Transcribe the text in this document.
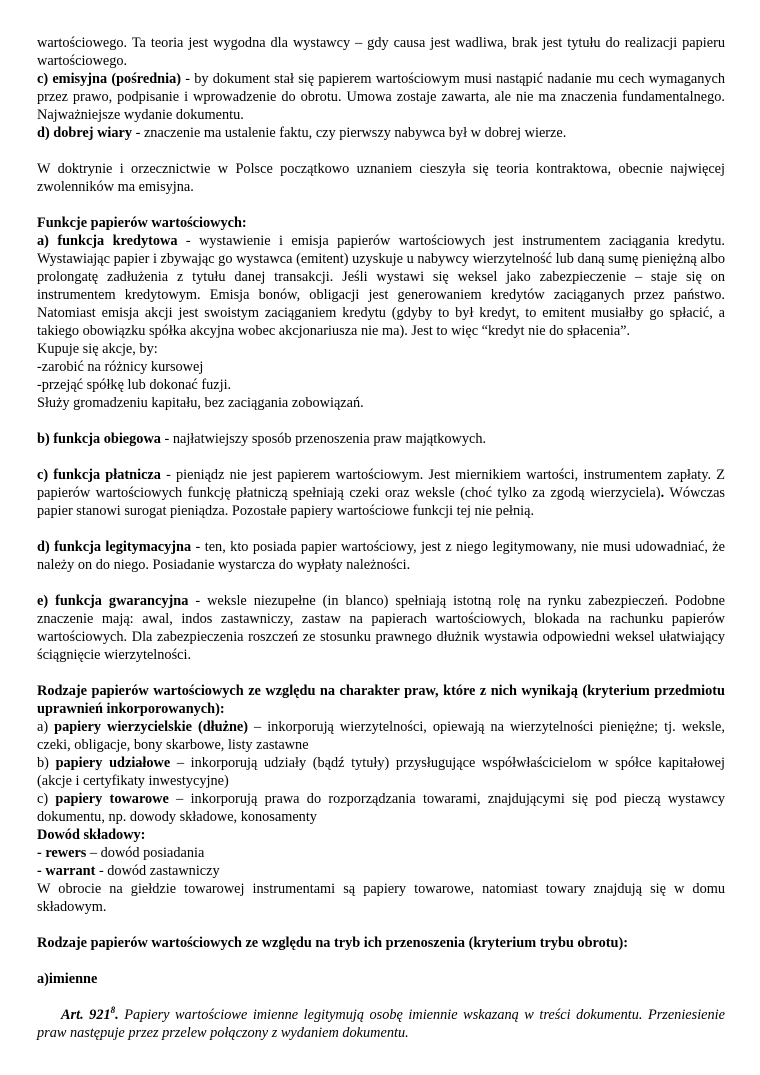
wartościowego. Ta teoria jest wygodna dla wystawcy – gdy causa jest wadliwa, brak jest tytułu do realizacji papieru wartościowego.

c) emisyjna (pośrednia) - by dokument stał się papierem wartościowym musi nastąpić nadanie mu cech wymaganych przez prawo, podpisanie i wprowadzenie do obrotu. Umowa zostaje zawarta, ale nie ma znaczenia fundamentalnego. Najważniejsze wydanie dokumentu.

d) dobrej wiary - znaczenie ma ustalenie faktu, czy pierwszy nabywca był w dobrej wierze.

W doktrynie i orzecznictwie w Polsce początkowo uznaniem cieszyła się teoria kontraktowa, obecnie najwięcej zwolenników ma emisyjna.

Funkcje papierów wartościowych:

a) funkcja kredytowa - wystawienie i emisja papierów wartościowych jest instrumentem zaciągania kredytu. Wystawiając papier i zbywając go wystawca (emitent) uzyskuje u nabywcy wierzytelność lub daną sumę pieniężną albo prolongatę zadłużenia z tytułu danej transakcji. Jeśli wystawi się weksel jako zabezpieczenie – staje się on instrumentem kredytowym. Emisja bonów, obligacji jest generowaniem kredytów zaciąganych przez państwo. Natomiast emisja akcji jest swoistym zaciąganiem kredytu (gdyby to był kredyt, to emitent musiałby go spłacić, a takiego obowiązku spółka akcyjna wobec akcjonariusza nie ma). Jest to więc “kredyt nie do spłacenia”.

Kupuje się akcje, by:

-zarobić na różnicy kursowej

-przejąć spółkę lub dokonać fuzji.

Służy gromadzeniu kapitału, bez zaciągania zobowiązań.

b) funkcja obiegowa - najłatwiejszy sposób przenoszenia praw majątkowych.

c) funkcja płatnicza - pieniądz nie jest papierem wartościowym. Jest miernikiem wartości, instrumentem zapłaty. Z papierów wartościowych funkcję płatniczą spełniają czeki oraz weksle (choć tylko za zgodą wierzyciela). Wówczas papier stanowi surogat pieniądza. Pozostałe papiery wartościowe funkcji tej nie pełnią.

d) funkcja legitymacyjna - ten, kto posiada papier wartościowy, jest z niego legitymowany, nie musi udowadniać, że należy on do niego. Posiadanie wystarcza do wypłaty należności.

e) funkcja gwarancyjna - weksle niezupełne (in blanco) spełniają istotną rolę na rynku zabezpieczeń. Podobne znaczenie mają: awal, indos zastawniczy, zastaw na papierach wartościowych, blokada na rachunku papierów wartościowych. Dla zabezpieczenia roszczeń ze stosunku prawnego dłużnik wystawia odpowiedni weksel ułatwiający ściągnięcie wierzytelności.

Rodzaje papierów wartościowych ze względu na charakter praw, które z nich wynikają (kryterium przedmiotu uprawnień inkorporowanych):

a) papiery wierzycielskie (dłużne) – inkorporują wierzytelności, opiewają na wierzytelności pieniężne; tj. weksle, czeki, obligacje, bony skarbowe, listy zastawne

b) papiery udziałowe – inkorporują udziały (bądź tytuły) przysługujące współwłaścicielom w spółce kapitałowej (akcje i certyfikaty inwestycyjne)

c) papiery towarowe – inkorporują prawa do rozporządzania towarami, znajdującymi się pod pieczą wystawcy dokumentu, np. dowody składowe, konosamenty

Dowód składowy:

- rewers – dowód posiadania

- warrant - dowód zastawniczy

W obrocie na giełdzie towarowej instrumentami są papiery towarowe, natomiast towary znajdują się w domu składowym.

Rodzaje papierów wartościowych ze względu na tryb ich przenoszenia (kryterium trybu obrotu):

a)imienne

Art. $921^8$. Papiery wartościowe imienne legitymują osobę imiennie wskazaną w treści dokumentu. Przeniesienie praw następuje przez przelew połączony z wydaniem dokumentu.
